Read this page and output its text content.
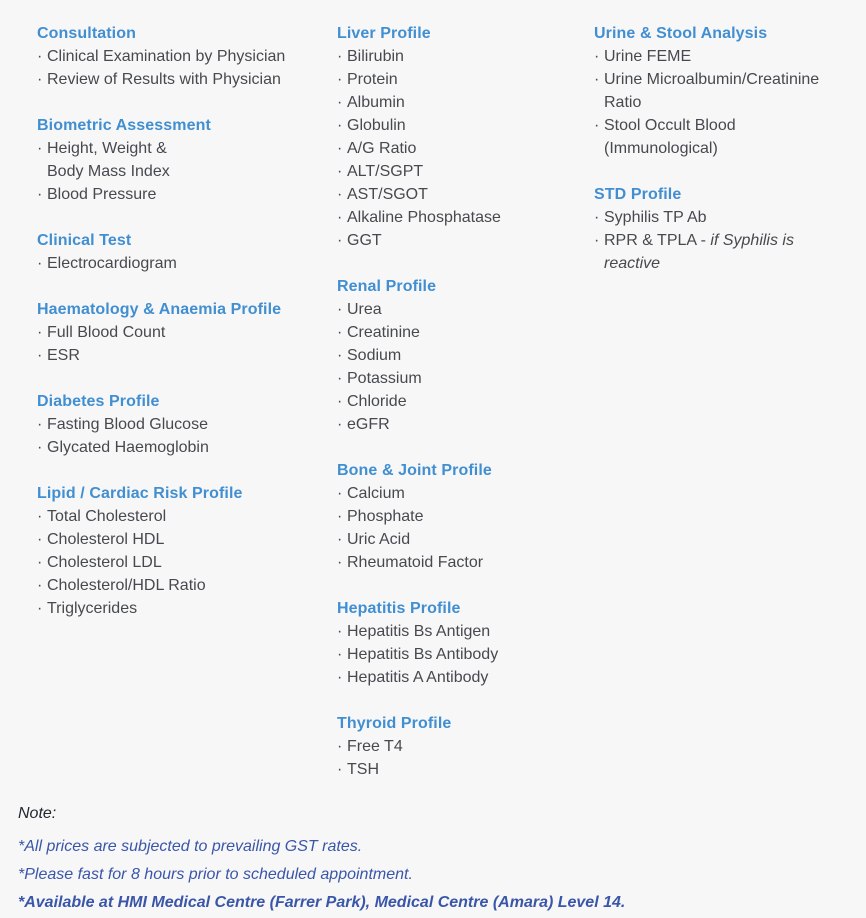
Consultation
· Clinical Examination by Physician
· Review of Results with Physician
Biometric Assessment
· Height, Weight &
Body Mass Index
· Blood Pressure
Clinical Test
· Electrocardiogram
Haematology & Anaemia Profile
· Full Blood Count
· ESR
Diabetes Profile
· Fasting Blood Glucose
· Glycated Haemoglobin
Lipid / Cardiac Risk Profile
· Total Cholesterol
· Cholesterol HDL
· Cholesterol LDL
· Cholesterol/HDL Ratio
· Triglycerides
Liver Profile
· Bilirubin
· Protein
· Albumin
· Globulin
· A/G Ratio
· ALT/SGPT
· AST/SGOT
· Alkaline Phosphatase
· GGT
Renal Profile
· Urea
· Creatinine
· Sodium
· Potassium
· Chloride
· eGFR
Bone & Joint Profile
· Calcium
· Phosphate
· Uric Acid
· Rheumatoid Factor
Hepatitis Profile
· Hepatitis Bs Antigen
· Hepatitis Bs Antibody
· Hepatitis A Antibody
Thyroid Profile
· Free T4
· TSH
Urine & Stool Analysis
· Urine FEME
· Urine Microalbumin/Creatinine
Ratio
· Stool Occult Blood
(Immunological)
STD Profile
· Syphilis TP Ab
· RPR & TPLA - if Syphilis is reactive
Note:
*All prices are subjected to prevailing GST rates.
*Please fast for 8 hours prior to scheduled appointment.
*Available at HMI Medical Centre (Farrer Park), Medical Centre (Amara) Level 14.
